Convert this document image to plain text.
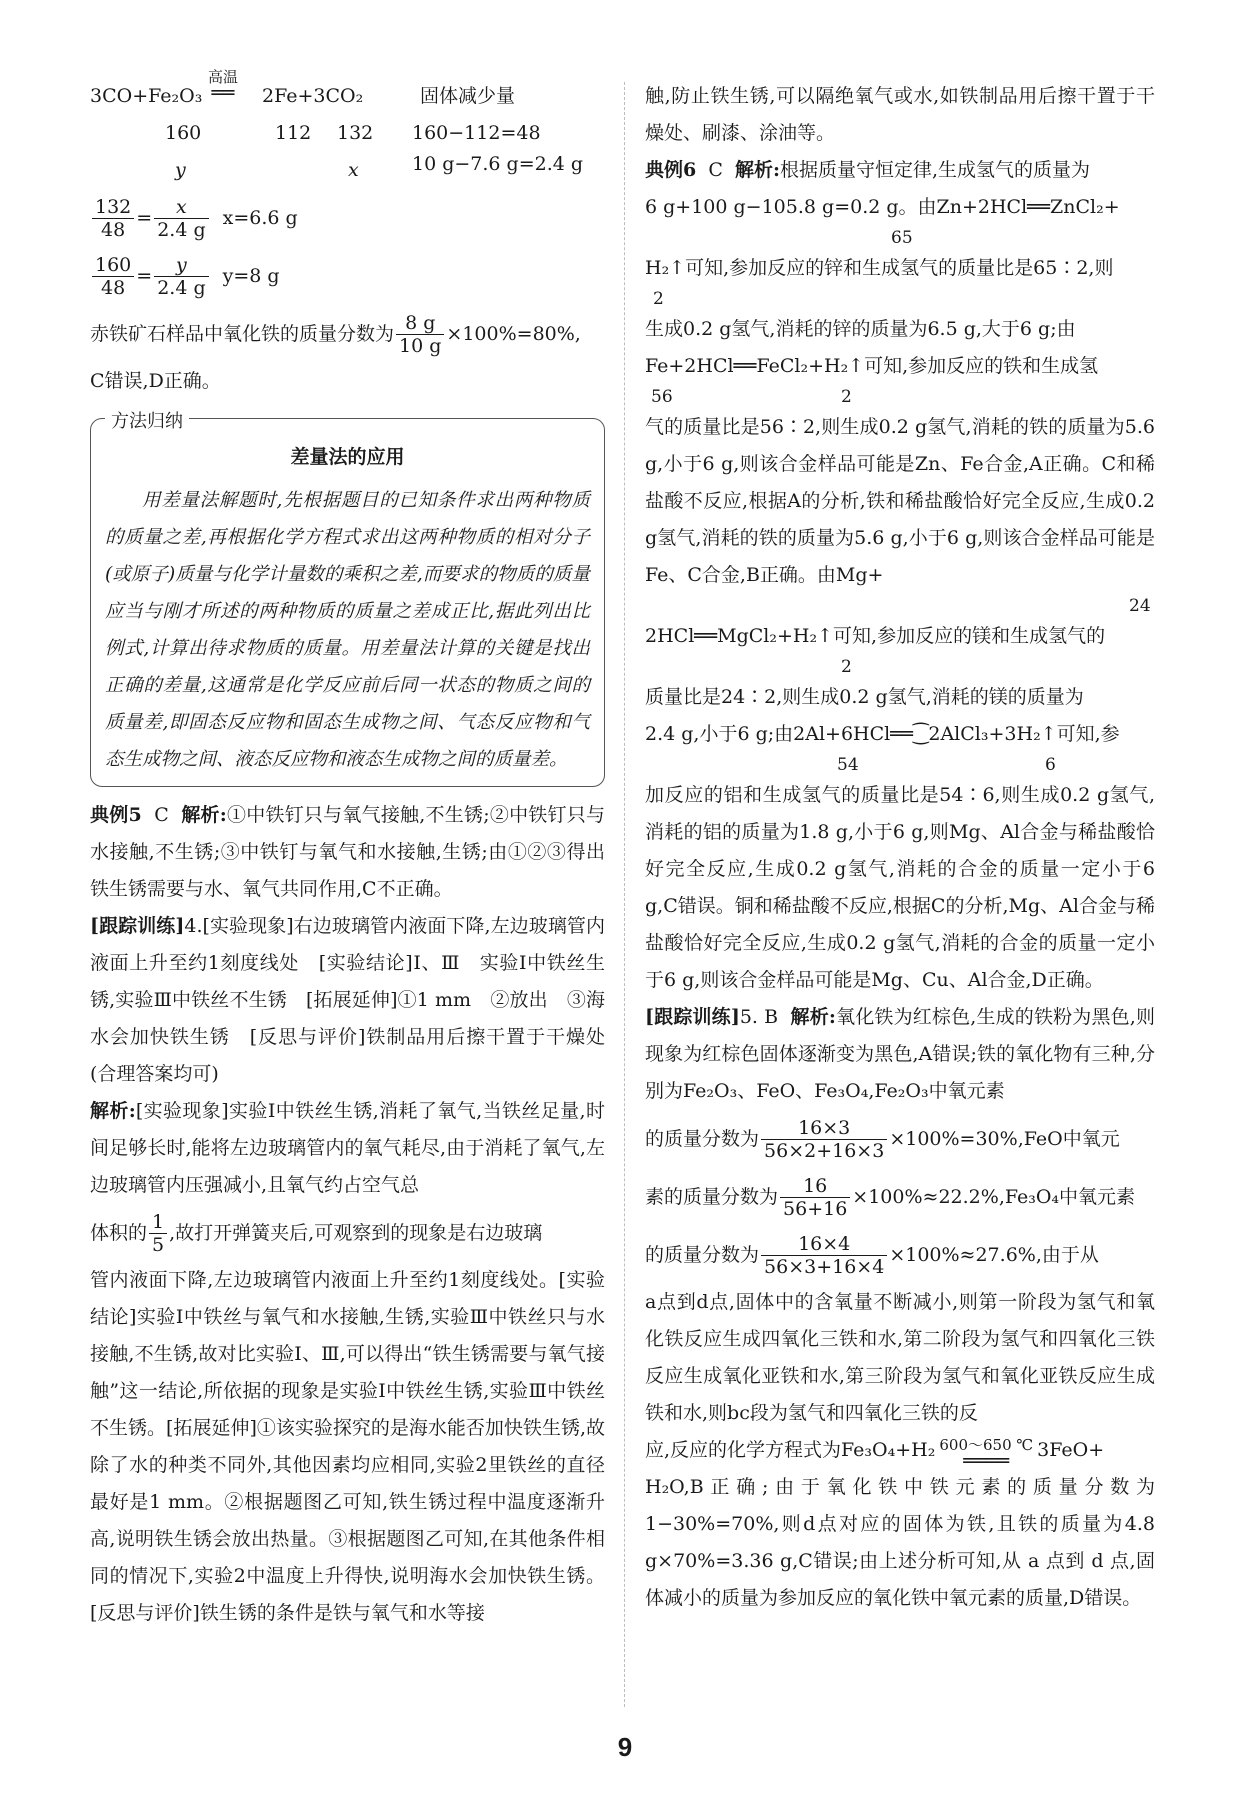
3CO+Fe₂O₃
高温
══ 2Fe+3CO₂	固体减少量
160	112 132 160−112=48
y	x	10 g−7.6 g=2.4 g
$\frac{132}{48} = \frac{x}{2.4 g} x=6.6$ g
$\frac{160}{48} = \frac{y}{2.4 g} y=8$ g
赤铁矿石样品中氧化铁的质量分数为 $\frac{8 g}{10 g} \times 100\%=80\%$,

C错误,D正确。

方法归纳
差量法的应用

用差量法解题时,先根据题目的已知条件求出两种物质的质量之差,再根据化学方程式求出这两种物质的相对分子(或原子)质量与化学计量数的乘积之差,而要求的物质的质量应当与刚才所述的两种物质的质量之差成正比,据此列出比例式,计算出待求物质的质量。用差量法计算的关键是找出正确的差量,这通常是化学反应前后同一状态的物质之间的质量差,即固态反应物和固态生成物之间、气态反应物和气态生成物之间、液态反应物和液态生成物之间的质量差。

典例5 C 解析:①中铁钉只与氧气接触,不生锈;②中铁钉只与水接触,不生锈;③中铁钉与氧气和水接触,生锈;由①②③得出铁生锈需要与水、氧气共同作用,C不正确。

[跟踪训练]4.[实验现象]右边玻璃管内液面下降,左边玻璃管内液面上升至约1刻度线处　[实验结论]Ⅰ、Ⅲ　实验Ⅰ中铁丝生锈,实验Ⅲ中铁丝不生锈　[拓展延伸]①1 mm　②放出　③海水会加快铁生锈　[反思与评价]铁制品用后擦干置于干燥处(合理答案均可)

解析:[实验现象]实验Ⅰ中铁丝生锈,消耗了氧气,当铁丝足量,时间足够长时,能将左边玻璃管内的氧气耗尽,由于消耗了氧气,左边玻璃管内压强减小,且氧气约占空气总

体积的 $\frac{1}{5}$ ,故打开弹簧夹后,可观察到的现象是右边玻璃

管内液面下降,左边玻璃管内液面上升至约1刻度线处。[实验结论]实验Ⅰ中铁丝与氧气和水接触,生锈,实验Ⅲ中铁丝只与水接触,不生锈,故对比实验Ⅰ、Ⅲ,可以得出“铁生锈需要与氧气接触”这一结论,所依据的现象是实验Ⅰ中铁丝生锈,实验Ⅲ中铁丝不生锈。[拓展延伸]①该实验探究的是海水能否加快铁生锈,故除了水的种类不同外,其他因素均应相同,实验2里铁丝的直径最好是1 mm。②根据题图乙可知,铁生锈过程中温度逐渐升高,说明铁生锈会放出热量。③根据题图乙可知,在其他条件相同的情况下,实验2中温度上升得快,说明海水会加快铁生锈。[反思与评价]铁生锈的条件是铁与氧气和水等接

触,防止铁生锈,可以隔绝氧气或水,如铁制品用后擦干置于干燥处、刷漆、涂油等。

典例6 C 解析:根据质量守恒定律,生成氢气的质量为

6 g+100 g−105.8 g=0.2 g。由Zn+2HCl══ZnCl₂+

65

H₂↑可知,参加反应的锌和生成氢气的质量比是65∶2,则

2

生成0.2 g氢气,消耗的锌的质量为6.5 g,大于6 g;由

Fe+2HCl══FeCl₂+H₂↑可知,参加反应的铁和生成氢

56	2

气的质量比是56∶2,则生成0.2 g氢气,消耗的铁的质量为5.6 g,小于6 g,则该合金样品可能是Zn、Fe合金,A正确。C和稀盐酸不反应,根据A的分析,铁和稀盐酸恰好完全反应,生成0.2 g氢气,消耗的铁的质量为5.6 g,小于6 g,则该合金样品可能是Fe、C合金,B正确。由Mg+

24

2HCl══MgCl₂+H₂↑可知,参加反应的镁和生成氢气的

2

质量比是24∶2,则生成0.2 g氢气,消耗的镁的质量为

2.4 g,小于6 g;由2Al+6HCl══⁐2AlCl₃+3H₂↑可知,参

54	6

加反应的铝和生成氢气的质量比是54∶6,则生成0.2 g氢气,消耗的铝的质量为1.8 g,小于6 g,则Mg、Al合金与稀盐酸恰好完全反应,生成0.2 g氢气,消耗的合金的质量一定小于6 g,C错误。铜和稀盐酸不反应,根据C的分析,Mg、Al合金与稀盐酸恰好完全反应,生成0.2 g氢气,消耗的合金的质量一定小于6 g,则该合金样品可能是Mg、Cu、Al合金,D正确。

[跟踪训练]5. B 解析:氧化铁为红棕色,生成的铁粉为黑色,则现象为红棕色固体逐渐变为黑色,A错误;铁的氧化物有三种,分别为Fe₂O₃、FeO、Fe₃O₄,Fe₂O₃中氧元素

的质量分数为 $\frac{16\times 3}{56\times 2+16\times 3} \times 100\%=30\%,FeO$中氧元
素的质量分数为 $\frac{16}{56+16} \times 100\%\approx 22.2\%,Fe_3O_4$中氧元素
的质量分数为 $\frac{16\times 4}{56\times 3+16\times 4} \times 100\%\approx 27.6\%$,由于从

a点到d点,固体中的含氧量不断减小,则第一阶段为氢气和氧化铁反应生成四氧化三铁和水,第二阶段为氢气和四氧化三铁反应生成氧化亚铁和水,第三阶段为氢气和氧化亚铁反应生成铁和水,则bc段为氢气和四氧化三铁的反

应,反应的化学方程式为Fe₃O₄+H₂ 600～650 ℃
════	3FeO+

H₂O,B正确;由于氧化铁中铁元素的质量分数为1−30%=70%,则d点对应的固体为铁,且铁的质量为4.8 g×70%=3.36 g,C错误;由上述分析可知,从 a 点到 d 点,固体减小的质量为参加反应的氧化铁中氧元素的质量,D错误。

9
